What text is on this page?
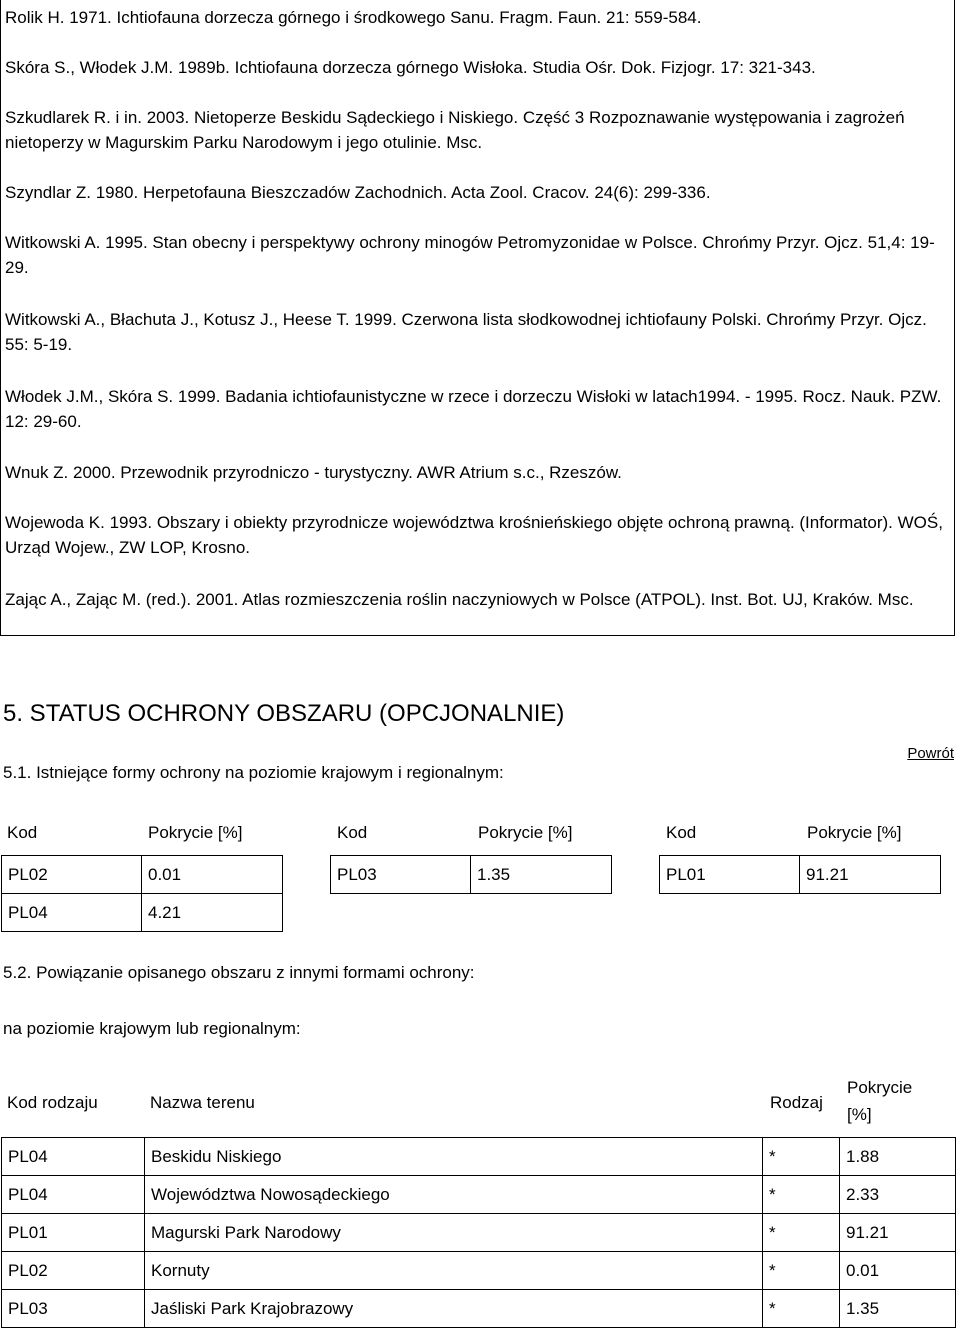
Rolik H. 1971. Ichtiofauna dorzecza górnego i środkowego Sanu. Fragm. Faun. 21: 559-584.
Skóra S., Włodek J.M. 1989b. Ichtiofauna dorzecza górnego Wisłoka. Studia Ośr. Dok. Fizjogr. 17: 321-343.
Szkudlarek R. i in. 2003. Nietoperze Beskidu Sądeckiego i Niskiego. Część 3 Rozpoznawanie występowania i zagrożeń nietoperzy w Magurskim Parku Narodowym i jego otulinie. Msc.
Szyndlar Z. 1980. Herpetofauna Bieszczadów Zachodnich. Acta Zool. Cracov. 24(6): 299-336.
Witkowski A. 1995. Stan obecny i perspektywy ochrony minogów Petromyzonidae w Polsce. Chrońmy Przyr. Ojcz. 51,4: 19-29.
Witkowski A., Błachuta J., Kotusz J., Heese T. 1999. Czerwona lista słodkowodnej ichtiofauny Polski. Chrońmy Przyr. Ojcz. 55: 5-19.
Włodek J.M., Skóra S. 1999. Badania ichtiofaunistyczne w rzece i dorzeczu Wisłoki w latach1994. - 1995. Rocz. Nauk. PZW. 12: 29-60.
Wnuk Z. 2000. Przewodnik przyrodniczo - turystyczny. AWR Atrium s.c., Rzeszów.
Wojewoda K. 1993. Obszary i obiekty przyrodnicze województwa krośnieńskiego objęte ochroną prawną. (Informator). WOŚ, Urząd Wojew., ZW LOP, Krosno.
Zając A., Zając M. (red.). 2001. Atlas rozmieszczenia roślin naczyniowych w Polsce (ATPOL). Inst. Bot. UJ, Kraków. Msc.
5. STATUS OCHRONY OBSZARU (OPCJONALNIE)
5.1. Istniejące formy ochrony na poziomie krajowym i regionalnym:
Powrót
Kod	Pokrycie [%]	Kod	Pokrycie [%]	Kod	Pokrycie [%]
PL02	0.01
PL04	4.21
PL03	1.35	PL01	91.21
5.2. Powiązanie opisanego obszaru z innymi formami ochrony:
na poziomie krajowym lub regionalnym:
Kod rodzaju	Nazwa terenu	Rodzaj
Pokrycie
[%]
PL04	Beskidu Niskiego	*	1.88
PL04	Województwa Nowosądeckiego	*	2.33
PL01	Magurski Park Narodowy	*	91.21
PL02	Kornuty	*	0.01
PL03	Jaśliski Park Krajobrazowy	*	1.35
